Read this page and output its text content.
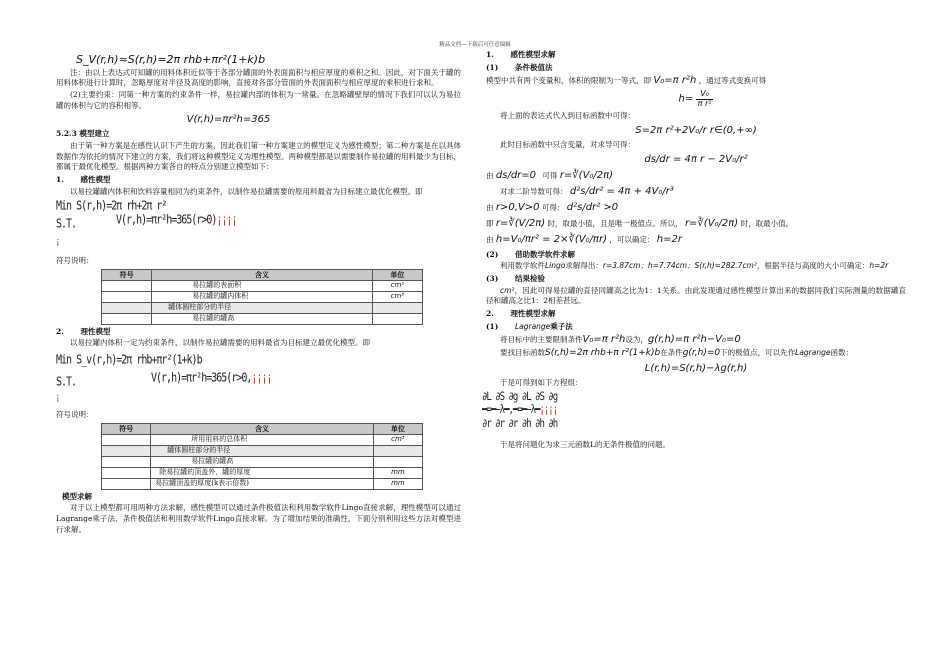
精品文档---下载后可任意编辑
S_V(r,h)≈S(r,h)=2π rhb+πr²(1+k)b

注：由以上表达式可知罐的用料体积近似等于各部分罐面的外表面面积与相应厚度的乘积之和。因此，对下面关于罐的用料体积进行计算时，忽略厚度对半径及高度的影响，直接对各部分管面的外表面面积与相应厚度的乘积进行求和。

(2)主要约束：同第一种方案的约束条件一样，易拉罐内部的体积为一常量。在忽略罐壁厚的情况下我们可以认为易拉罐的体积与它的容积相等。

V(r,h)=πr²h=365
5.2.3 模型建立

由于第一种方案是在感性认识下产生的方案，因此我们第一种方案建立的模型定义为感性模型；第二种方案是在以具体数据作为依托的情况下建立的方案，我们将这种模型定义为理性模型。两种模型都是以需要制作易拉罐的用料最少为目标，都属于最优化模型。根据两种方案各自的特点分别建立模型如下：

1. 感性模型

以易拉罐罐内体积和饮料容量相同为约束条件，以制作易拉罐需要的原用料最省为目标建立最优化模型。即

Min S(r,h)=2π rh+2π r²
S.T.	V(r,h)=πr²h=365(r>0)¡¡¡¡
¡
符号说明：
符号	含义	单位
	易拉罐的表面积	cm²
	易拉罐的罐内体积	cm³
	罐体圆柱部分的半径	
	易拉罐的罐高	
2. 理性模型

以易拉罐内体积一定为约束条件，以制作易拉罐需要的用料最省为目标建立最优化模型。即

Min S_v(r,h)=2π rhb+πr²(1+k)b
S.T.	V(r,h)=πr²h=365(r>0,¡¡¡¡
¡
符号说明：
符号	含义	单位
	所用用料的总体积	cm³
	罐体圆柱部分的半径	
	易拉罐的罐高	
	除易拉罐的顶盖外，罐的厚度	mm
	易拉罐顶盖的厚度(k表示倍数)	mm
模型求解

对于以上模型都可用两种方法求解，感性模型可以通过条件极值法和利用数学软件Lingo直接求解，理性模型可以通过Lagrange乘子法、条件极值法和利用数学软件Lingo直接求解。为了增加结果的准确性，下面分别利用这些方法对模型进行求解。

1. 感性模型求解
(1) 条件极值法
模型中共有两个变量和，体积的限制为一等式，即 V₀=π r²h ，通过等式变换可得
$h= \frac{\text{V₀}}{\text{π r²}}$

将上面的表达式代入到目标函数中可得：

S=2π r²+2V₀/r r∈(0,+∞)

此时目标函数中只含变量，对求导可得：

ds/dr = 4π r − 2V₀/r²
由 ds/dr=0 可得 r=∛(V₀/2π)
对求二阶导数可得： d²s/dr² = 4π + 4V₀/r³
由 r>0,V>0 可得： d²s/dr² >0
即 r=∛(V/2π) 时，取最小值，且是唯一极值点。所以， r=∛(V₀/2π) 时，取最小值。
由 h=V₀/πr² = 2×∛(V₀/πr) ，可以确定： h=2r
(2) 借助数学软件求解

利用数学软件Lingo求解得出：r=3.87cm；h=7.74cm；S(r,h)=282.7cm²，根据半径与高度的大小可确定：h=2r

(3) 结果检验

cm²，因此可得易拉罐的直径同罐高之比为1：1关系。由此发现通过感性模型计算出来的数据同我们实际测量的数据罐直径和罐高之比1：2相差甚远。

2. 理性模型求解
(1) Lagrange乘子法
将目标中的主要限制条件V₀=π r²h设为，g(r,h)=π r²h−V₀=0

要找目标函数S(r,h)=2π rhb+π r²(1+k)b在条件g(r,h)=0下的极值点，可以先作Lagrange函数：

L(r,h)=S(r,h)−λg(r,h)

于是可得到如下方程组：

∂L ∂S ∂g ∂L ∂S ∂g
━=━−λ━,━=━−λ━¡¡¡¡
∂r ∂r ∂r ∂h ∂h ∂h

于是将问题化为求三元函数L的无条件极值的问题。
